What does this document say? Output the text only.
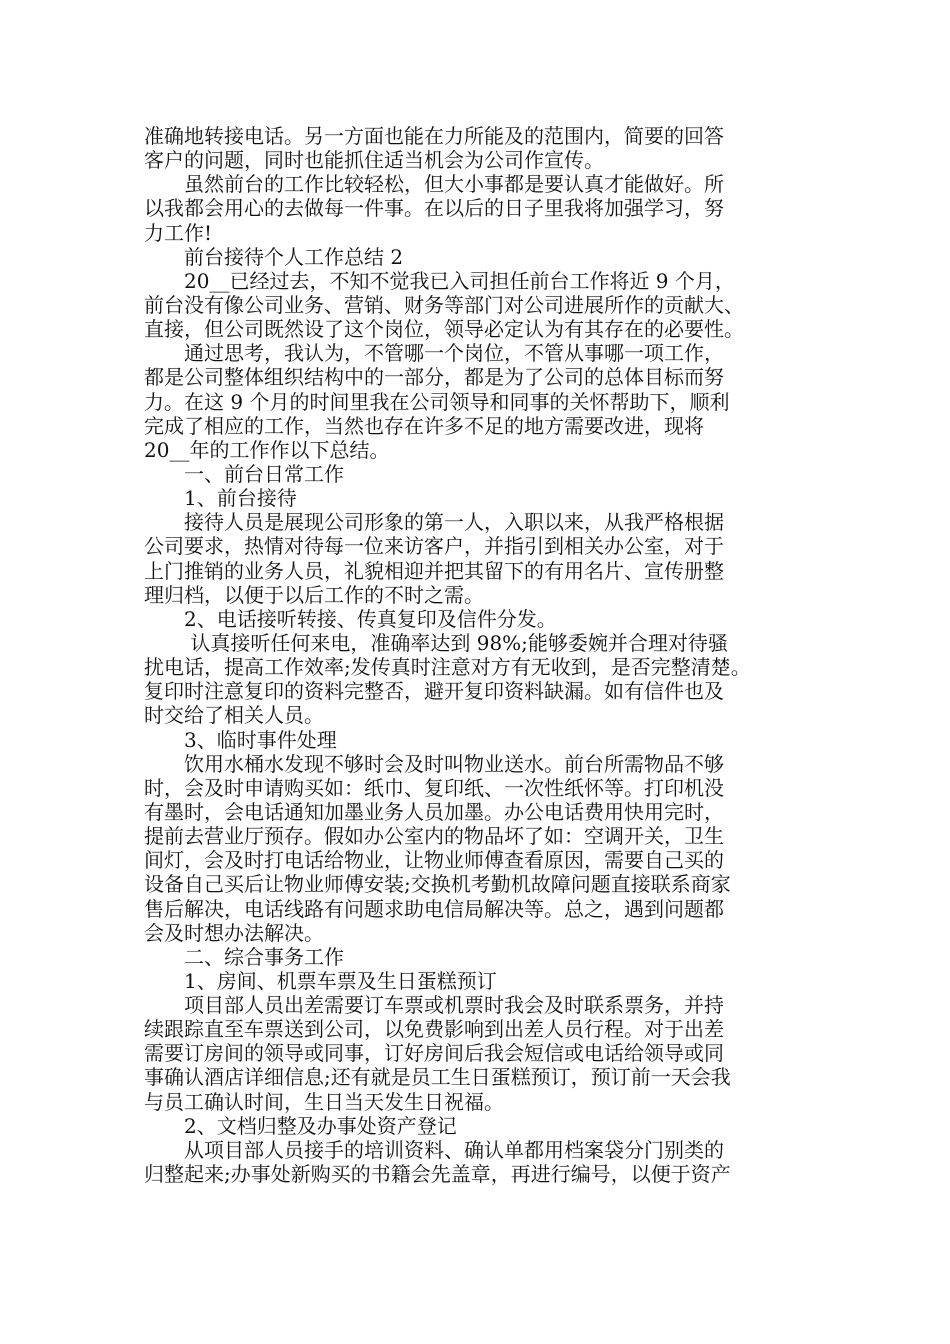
准确地转接电话。另一方面也能在力所能及的范围内，简要的回答
客户的问题，同时也能抓住适当机会为公司作宣传。
　　虽然前台的工作比较轻松，但大小事都是要认真才能做好。所
以我都会用心的去做每一件事。在以后的日子里我将加强学习，努
力工作!
　　前台接待个人工作总结 2
　　20__已经过去，不知不觉我已入司担任前台工作将近 9 个月，
前台没有像公司业务、营销、财务等部门对公司进展所作的贡献大、
直接，但公司既然设了这个岗位，领导必定认为有其存在的必要性。
　　通过思考，我认为，不管哪一个岗位，不管从事哪一项工作，
都是公司整体组织结构中的一部分，都是为了公司的总体目标而努
力。在这 9 个月的时间里我在公司领导和同事的关怀帮助下，顺利
完成了相应的工作，当然也存在许多不足的地方需要改进，现将
20__年的工作作以下总结。
　　一、前台日常工作
　　1、前台接待
　　接待人员是展现公司形象的第一人，入职以来，从我严格根据
公司要求，热情对待每一位来访客户，并指引到相关办公室，对于
上门推销的业务人员，礼貌相迎并把其留下的有用名片、宣传册整
理归档，以便于以后工作的不时之需。
　　2、电话接听转接、传真复印及信件分发。
　　 认真接听任何来电，准确率达到 98%;能够委婉并合理对待骚
扰电话，提高工作效率;发传真时注意对方有无收到，是否完整清楚。
复印时注意复印的资料完整否，避开复印资料缺漏。如有信件也及
时交给了相关人员。
　　3、临时事件处理
　　饮用水桶水发现不够时会及时叫物业送水。前台所需物品不够
时，会及时申请购买如：纸巾、复印纸、一次性纸怀等。打印机没
有墨时，会电话通知加墨业务人员加墨。办公电话费用快用完时，
提前去营业厅预存。假如办公室内的物品坏了如：空调开关，卫生
间灯，会及时打电话给物业，让物业师傅查看原因，需要自己买的
设备自己买后让物业师傅安装;交换机考勤机故障问题直接联系商家
售后解决，电话线路有问题求助电信局解决等。总之，遇到问题都
会及时想办法解决。
　　二、综合事务工作
　　1、房间、机票车票及生日蛋糕预订
　　项目部人员出差需要订车票或机票时我会及时联系票务，并持
续跟踪直至车票送到公司，以免费影响到出差人员行程。对于出差
需要订房间的领导或同事，订好房间后我会短信或电话给领导或同
事确认酒店详细信息;还有就是员工生日蛋糕预订，预订前一天会我
与员工确认时间，生日当天发生日祝福。
　　2、文档归整及办事处资产登记
　　从项目部人员接手的培训资料、确认单都用档案袋分门别类的
归整起来;办事处新购买的书籍会先盖章，再进行编号，以便于资产
